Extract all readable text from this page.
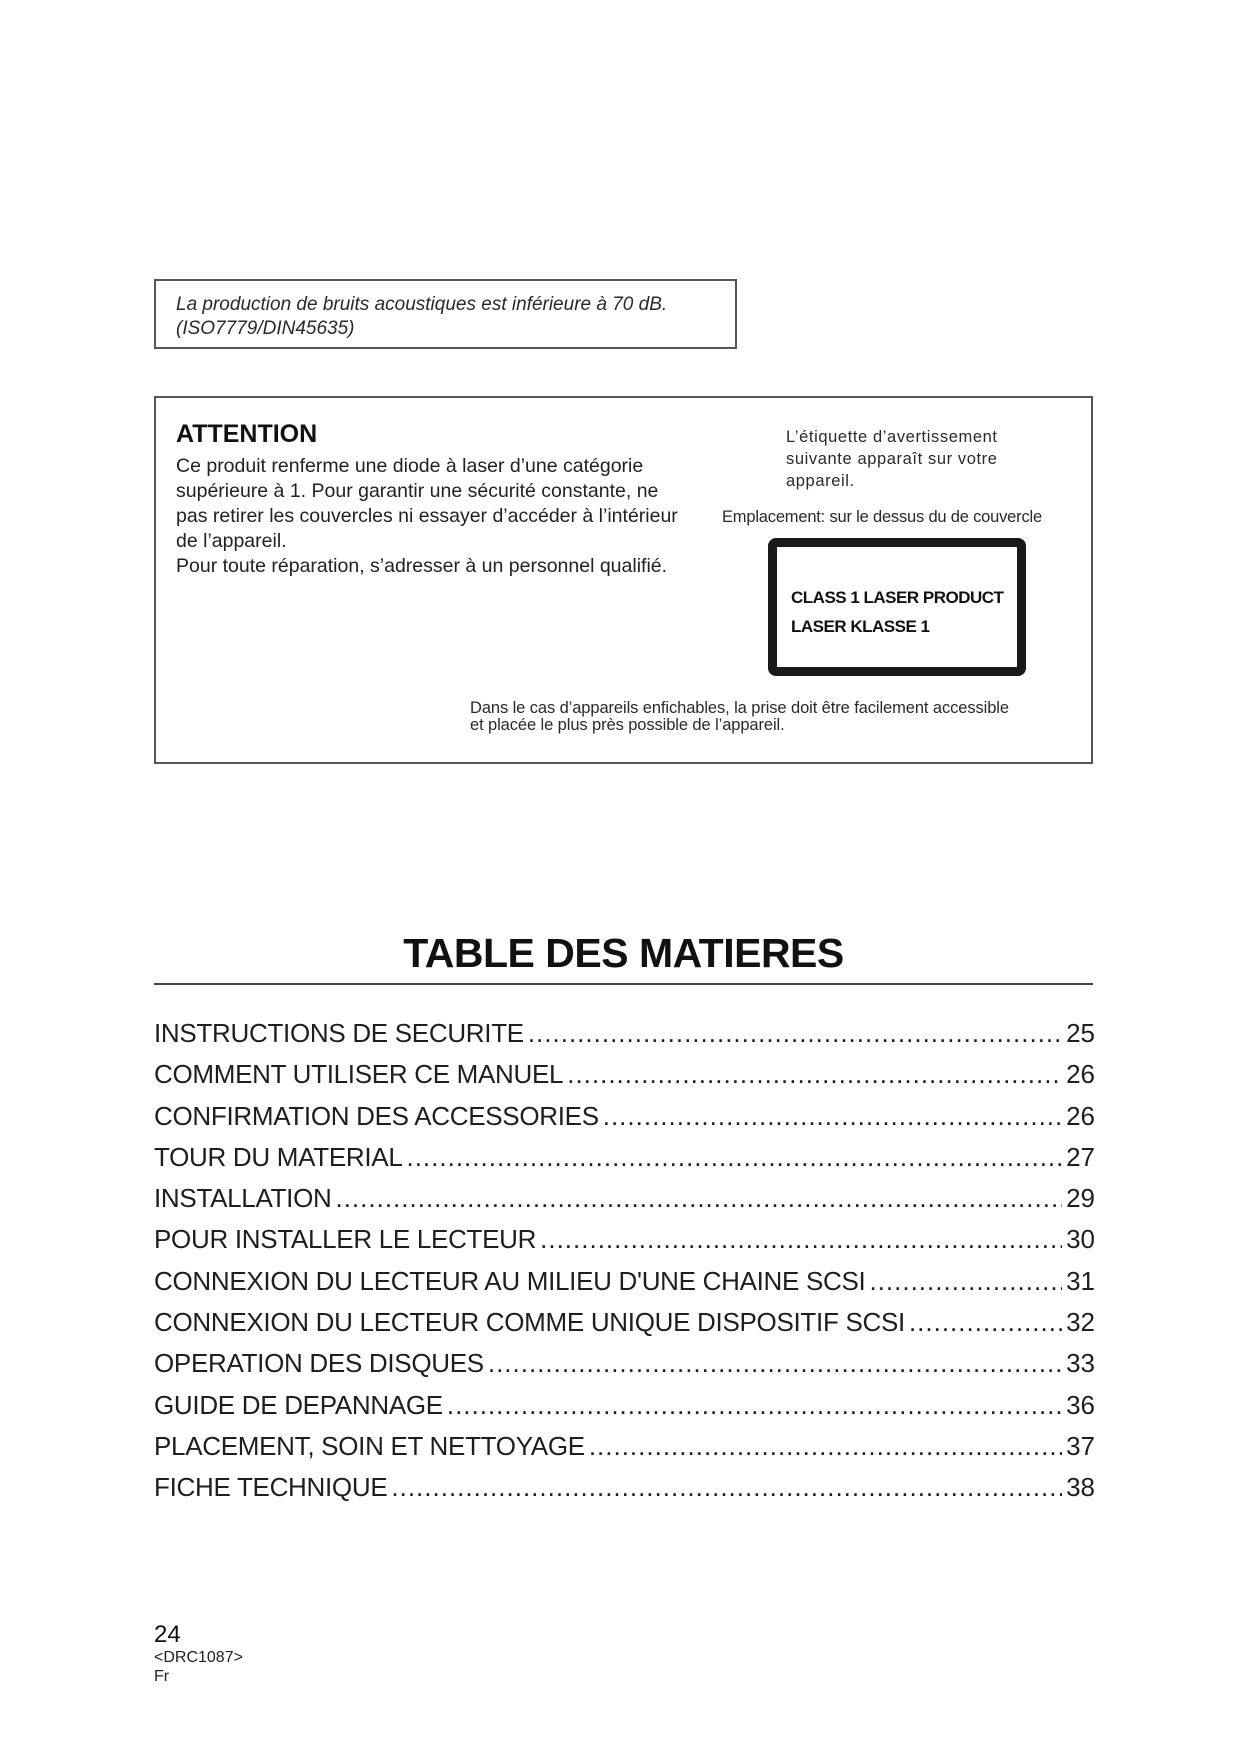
La production de bruits acoustiques est inférieure à 70 dB.
(ISO7779/DIN45635)
ATTENTION
Ce produit renferme une diode à laser d’une catégorie
supérieure à 1. Pour garantir une sécurité constante, ne
pas retirer les couvercles ni essayer d’accéder à l’intérieur
de l’appareil.
Pour toute réparation, s’adresser à un personnel qualifié.
L’étiquette d’avertissement
suivante apparaît sur votre
appareil.
Emplacement: sur le dessus du de couvercle
CLASS 1 LASER PRODUCT
LASER KLASSE 1
Dans le cas d’appareils enfichables, la prise doit être facilement accessible
et placée le plus près possible de l’appareil.
TABLE DES MATIERES
INSTRUCTIONS DE SECURITE .....	25
COMMENT UTILISER CE MANUEL .....	26
CONFIRMATION DES ACCESSORIES .....	26
TOUR DU MATERIAL .....	27
INSTALLATION .....	29
POUR INSTALLER LE LECTEUR .....	30
CONNEXION DU LECTEUR AU MILIEU D'UNE CHAINE SCSI .....	31
CONNEXION DU LECTEUR COMME UNIQUE DISPOSITIF SCSI .....	32
OPERATION DES DISQUES .....	33
GUIDE DE DEPANNAGE .....	36
PLACEMENT, SOIN ET NETTOYAGE .....	37
FICHE TECHNIQUE .....	38
24
<DRC1087>
Fr
